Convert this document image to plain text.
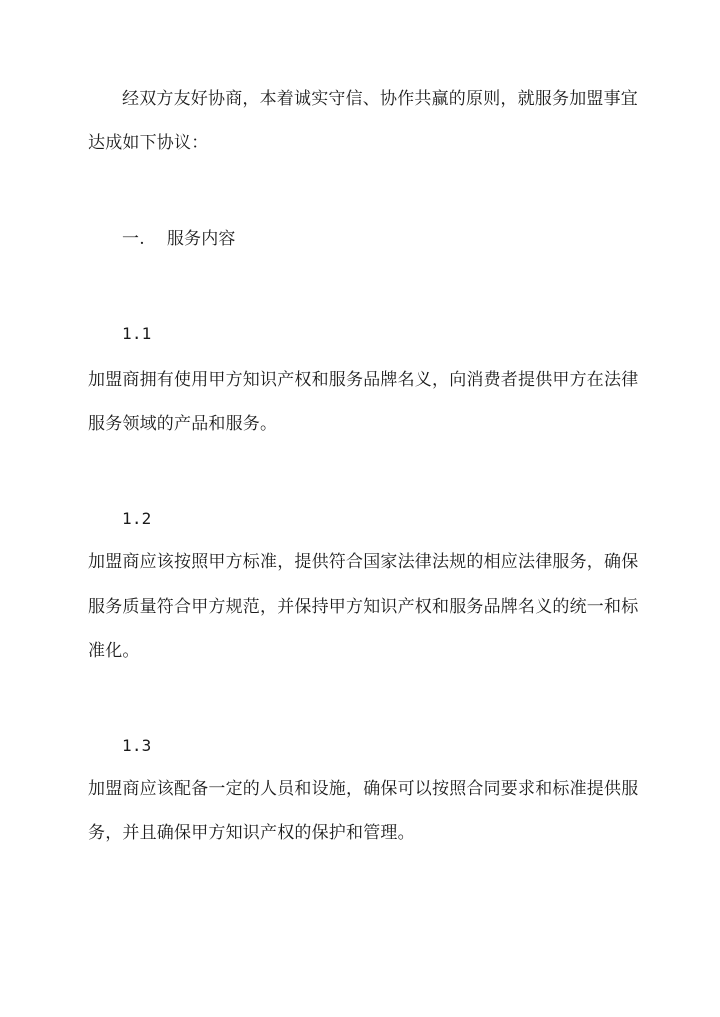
经双方友好协商，本着诚实守信、协作共赢的原则，就服务加盟事宜
达成如下协议：
一. 服务内容
1.1
加盟商拥有使用甲方知识产权和服务品牌名义，向消费者提供甲方在法律
服务领域的产品和服务。
1.2
加盟商应该按照甲方标准，提供符合国家法律法规的相应法律服务，确保
服务质量符合甲方规范，并保持甲方知识产权和服务品牌名义的统一和标
准化。
1.3
加盟商应该配备一定的人员和设施，确保可以按照合同要求和标准提供服
务，并且确保甲方知识产权的保护和管理。
